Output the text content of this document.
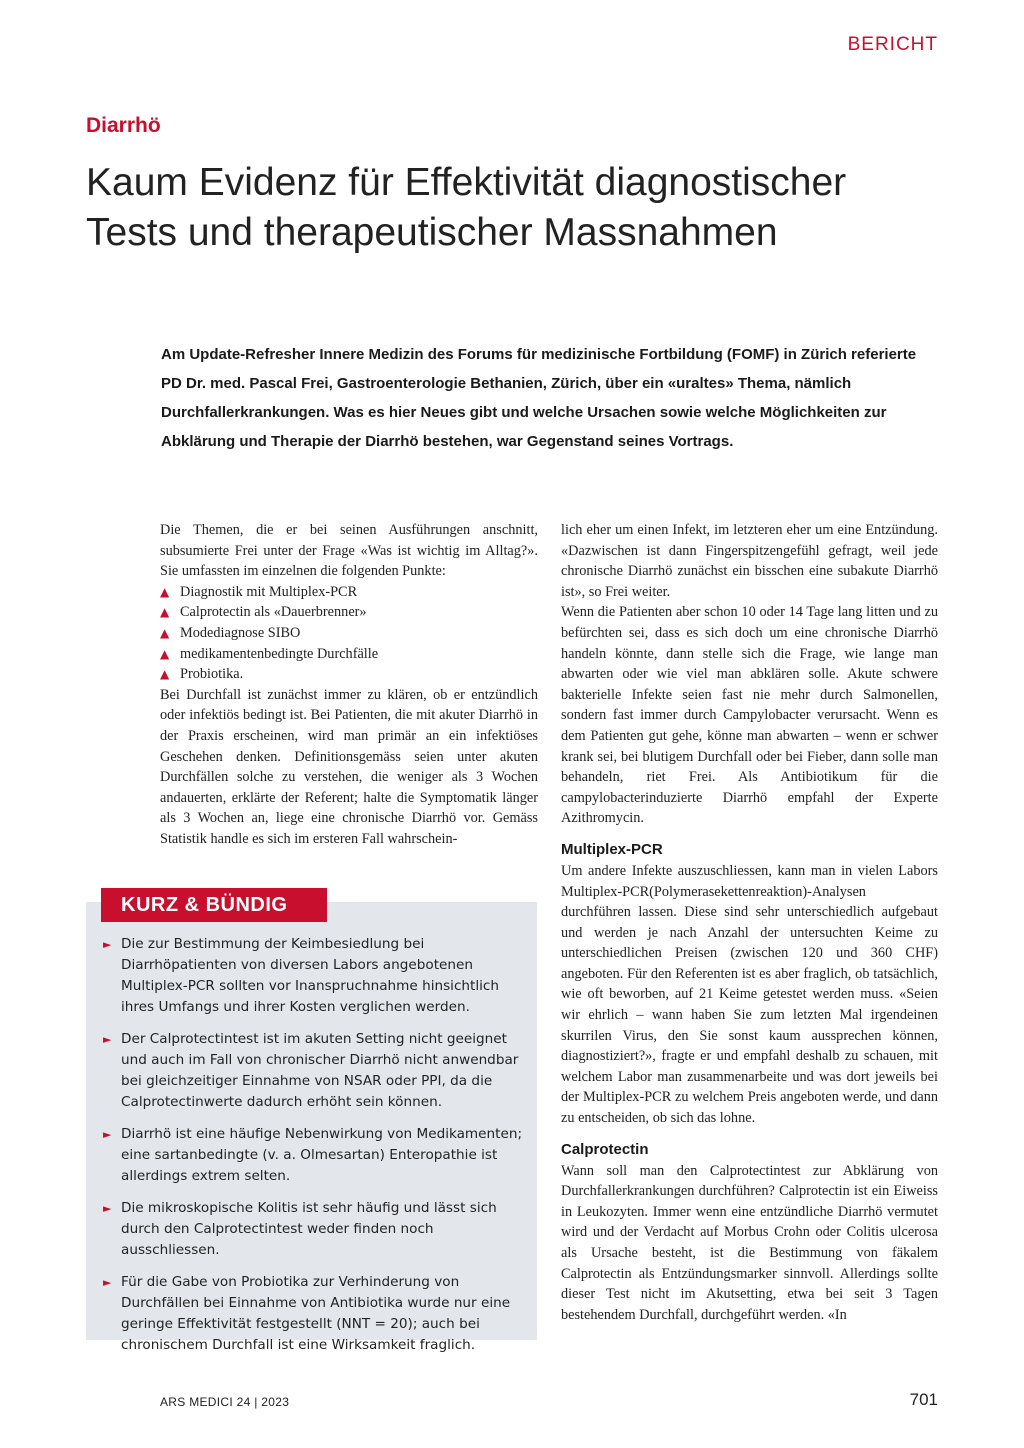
BERICHT
Diarrhö
Kaum Evidenz für Effektivität diagnostischer Tests und therapeutischer Massnahmen

Am Update-Refresher Innere Medizin des Forums für medizinische Fortbildung (FOMF) in Zürich referierte PD Dr. med. Pascal Frei, Gastroenterologie Bethanien, Zürich, über ein «uraltes» Thema, nämlich Durchfallerkrankungen. Was es hier Neues gibt und welche Ursachen sowie welche Möglichkeiten zur Abklärung und Therapie der Diarrhö bestehen, war Gegenstand seines Vortrags.

Die Themen, die er bei seinen Ausführungen anschnitt, subsumierte Frei unter der Frage «Was ist wichtig im Alltag?». Sie umfassten im einzelnen die folgenden Punkte:

▲ Diagnostik mit Multiplex-PCR
▲ Calprotectin als «Dauerbrenner»
▲ Modediagnose SIBO
▲ medikamentenbedingte Durchfälle
▲ Probiotika.

Bei Durchfall ist zunächst immer zu klären, ob er entzündlich oder infektiös bedingt ist. Bei Patienten, die mit akuter Diarrhö in der Praxis erscheinen, wird man primär an ein infektiöses Geschehen denken. Definitionsgemäss seien unter akuten Durchfällen solche zu verstehen, die weniger als 3 Wochen andauerten, erklärte der Referent; halte die Symptomatik länger als 3 Wochen an, liege eine chronische Diarrhö vor. Gemäss Statistik handle es sich im ersteren Fall wahrschein-

lich eher um einen Infekt, im letzteren eher um eine Entzündung. «Dazwischen ist dann Fingerspitzengefühl gefragt, weil jede chronische Diarrhö zunächst ein bisschen eine subakute Diarrhö ist», so Frei weiter.

Wenn die Patienten aber schon 10 oder 14 Tage lang litten und zu befürchten sei, dass es sich doch um eine chronische Diarrhö handeln könnte, dann stelle sich die Frage, wie lange man abwarten oder wie viel man abklären solle. Akute schwere bakterielle Infekte seien fast nie mehr durch Salmonellen, sondern fast immer durch Campylobacter verursacht. Wenn es dem Patienten gut gehe, könne man abwarten – wenn er schwer krank sei, bei blutigem Durchfall oder bei Fieber, dann solle man behandeln, riet Frei. Als Antibiotikum für die campylobacterinduzierte Diarrhö empfahl der Experte Azithromycin.

Multiplex-PCR

Um andere Infekte auszuschliessen, kann man in vielen Labors Multiplex-PCR(Polymerasekettenreaktion)-Analysen durchführen lassen. Diese sind sehr unterschiedlich aufgebaut und werden je nach Anzahl der untersuchten Keime zu unterschiedlichen Preisen (zwischen 120 und 360 CHF) angeboten. Für den Referenten ist es aber fraglich, ob tatsächlich, wie oft beworben, auf 21 Keime getestet werden muss. «Seien wir ehrlich – wann haben Sie zum letzten Mal irgendeinen skurrilen Virus, den Sie sonst kaum aussprechen können, diagnostiziert?», fragte er und empfahl deshalb zu schauen, mit welchem Labor man zusammenarbeite und was dort jeweils bei der Multiplex-PCR zu welchem Preis angeboten werde, und dann zu entscheiden, ob sich das lohne.

Calprotectin

Wann soll man den Calprotectintest zur Abklärung von Durchfallerkrankungen durchführen? Calprotectin ist ein Eiweiss in Leukozyten. Immer wenn eine entzündliche Diarrhö vermutet wird und der Verdacht auf Morbus Crohn oder Colitis ulcerosa als Ursache besteht, ist die Bestimmung von fäkalem Calprotectin als Entzündungsmarker sinnvoll. Allerdings sollte dieser Test nicht im Akutsetting, etwa bei seit 3 Tagen bestehendem Durchfall, durchgeführt werden. «In

KURZ & BÜNDIG
► Die zur Bestimmung der Keimbesiedlung bei Diarrhöpatienten von diversen Labors angebotenen Multiplex-PCR sollten vor Inanspruchnahme hinsichtlich ihres Umfangs und ihrer Kosten verglichen werden.
► Der Calprotectintest ist im akuten Setting nicht geeignet und auch im Fall von chronischer Diarrhö nicht anwendbar bei gleichzeitiger Einnahme von NSAR oder PPI, da die Calprotectinwerte dadurch erhöht sein können.
► Diarrhö ist eine häufige Nebenwirkung von Medikamenten; eine sartanbedingte (v. a. Olmesartan) Enteropathie ist allerdings extrem selten.
► Die mikroskopische Kolitis ist sehr häufig und lässt sich durch den Calprotectintest weder finden noch ausschliessen.
► Für die Gabe von Probiotika zur Verhinderung von Durchfällen bei Einnahme von Antibiotika wurde nur eine geringe Effektivität festgestellt (NNT = 20); auch bei chronischem Durchfall ist eine Wirksamkeit fraglich.
ARS MEDICI 24 | 2023	701
